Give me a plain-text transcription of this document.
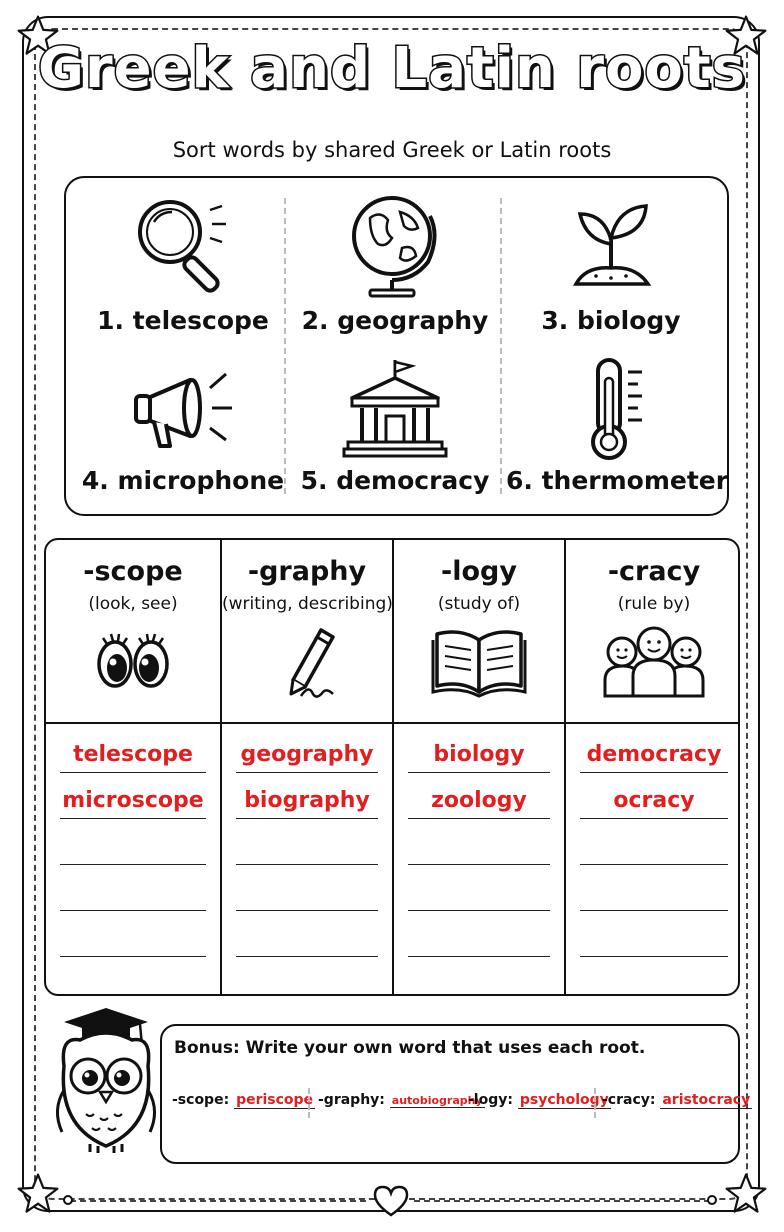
Greek and Latin roots
Sort words by shared Greek or Latin roots
1. telescope	2. geography	3. biology
4. microphone 5. democracy 6. thermometer
-scope
(look, see)
telescope
microscope
-graphy
(writing, describing)
geography
biography
-logy
(study of)
biology
zoology
-cracy
(rule by)
democracy
ocracy
Bonus: Write your own word that uses each root.
-scope: periscope -graphy: autobiography
-logy: psychology
-cracy: aristocracy
